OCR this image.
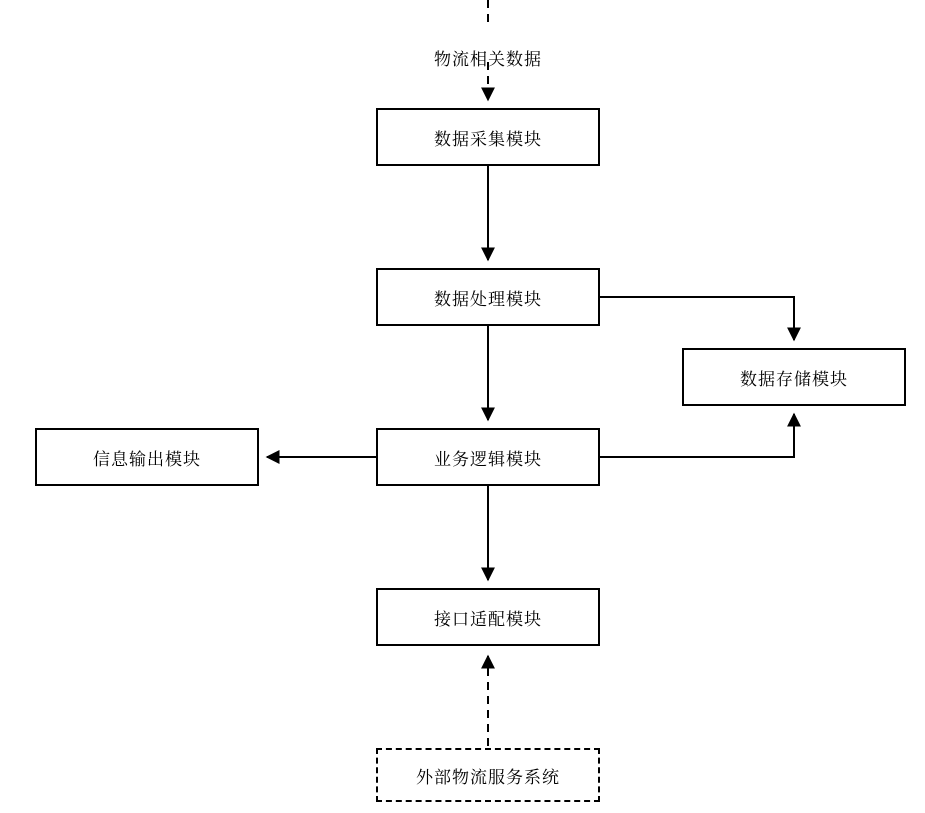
物流相关数据
数据采集模块
数据处理模块
数据存储模块
业务逻辑模块
信息输出模块
接口适配模块
外部物流服务系统
